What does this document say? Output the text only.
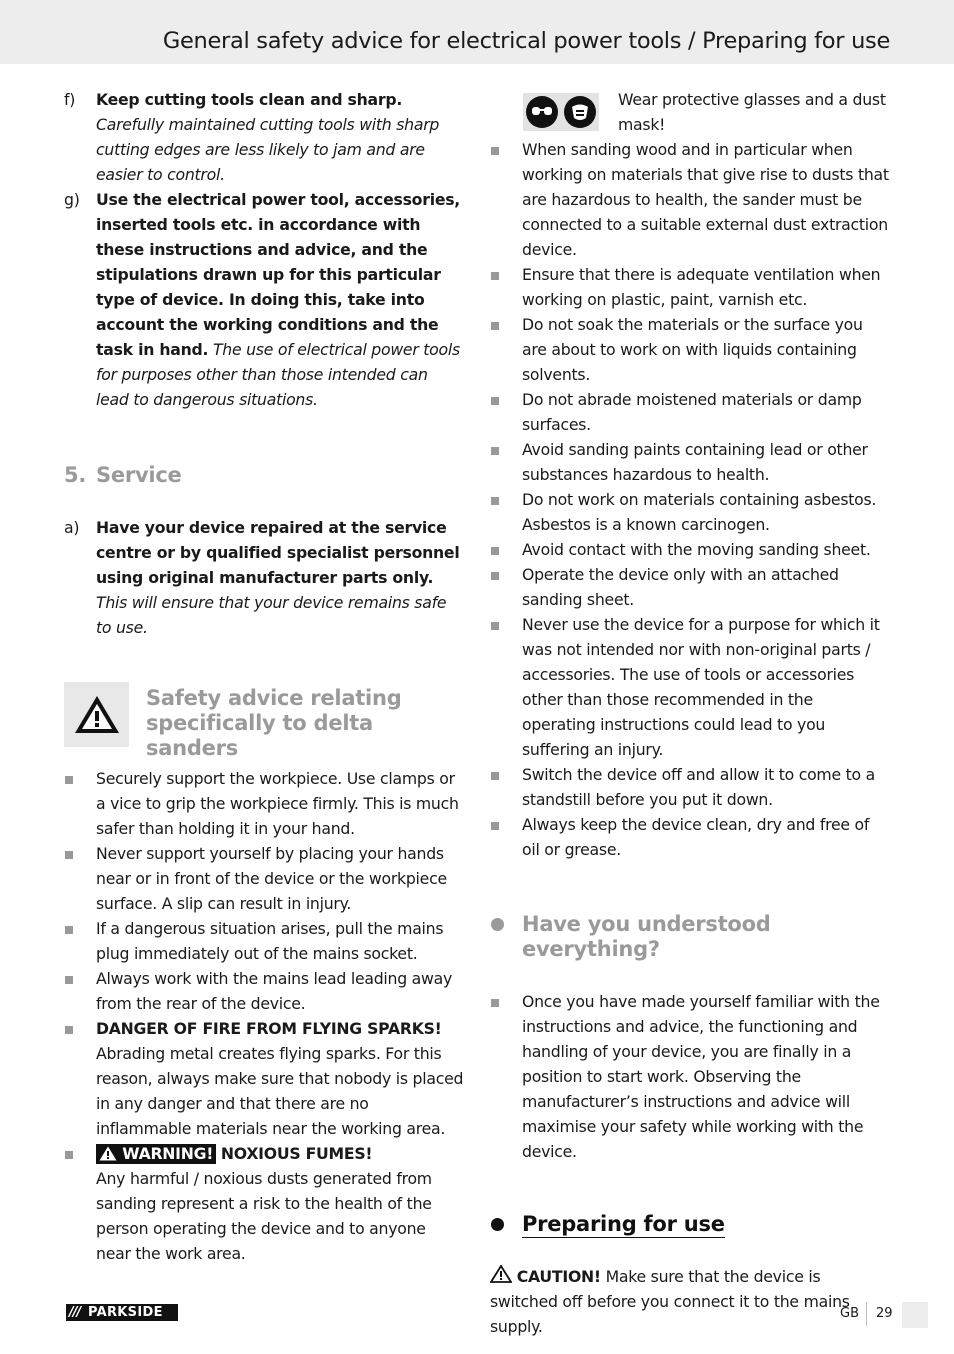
General safety advice for electrical power tools / Preparing for use
f) Keep cutting tools clean and sharp.
Carefully maintained cutting tools with sharp cutting edges are less likely to jam and are easier to control.
g) Use the electrical power tool, accessories, inserted tools etc. in accordance with these instructions and advice, and the stipulations drawn up for this particular type of device. In doing this, take into account the working conditions and the task in hand. The use of electrical power tools for purposes other than those intended can lead to dangerous situations.
5. Service
a) Have your device repaired at the service centre or by qualified specialist personnel using original manufacturer parts only. This will ensure that your device remains safe to use.
Safety advice relating specifically to delta sanders
Securely support the workpiece. Use clamps or a vice to grip the workpiece firmly. This is much safer than holding it in your hand.
Never support yourself by placing your hands near or in front of the device or the workpiece surface. A slip can result in injury.
If a dangerous situation arises, pull the mains plug immediately out of the mains socket.
Always work with the mains lead leading away from the rear of the device.
DANGER OF FIRE FROM FLYING SPARKS!
Abrading metal creates flying sparks. For this reason, always make sure that nobody is placed in any danger and that there are no inflammable materials near the working area.
WARNING! NOXIOUS FUMES!
Any harmful / noxious dusts generated from sanding represent a risk to the health of the person operating the device and to anyone near the work area.
Wear protective glasses and a dust mask!
When sanding wood and in particular when working on materials that give rise to dusts that are hazardous to health, the sander must be connected to a suitable external dust extraction device.
Ensure that there is adequate ventilation when working on plastic, paint, varnish etc.
Do not soak the materials or the surface you are about to work on with liquids containing solvents.
Do not abrade moistened materials or damp surfaces.
Avoid sanding paints containing lead or other substances hazardous to health.
Do not work on materials containing asbestos. Asbestos is a known carcinogen.
Avoid contact with the moving sanding sheet.
Operate the device only with an attached sanding sheet.
Never use the device for a purpose for which it was not intended nor with non-original parts / accessories. The use of tools or accessories other than those recommended in the operating instructions could lead to you suffering an injury.
Switch the device off and allow it to come to a standstill before you put it down.
Always keep the device clean, dry and free of oil or grease.
Have you understood everything?
Once you have made yourself familiar with the instructions and advice, the functioning and handling of your device, you are finally in a position to start work. Observing the manufacturer’s instructions and advice will maximise your safety while working with the device.
Preparing for use
CAUTION! Make sure that the device is switched off before you connect it to the mains supply.
/// PARKSIDE	GB 29
